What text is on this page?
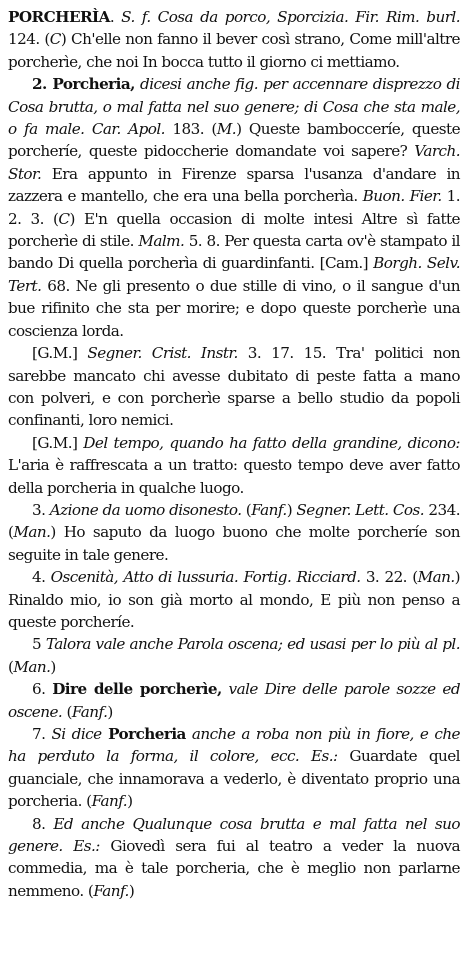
PORCHERÌA. S. f. Cosa da porco, Sporcizia. Fir. Rim. burl. 124. (C) Ch'elle non fanno il bever così strano, Come mill'altre porcherìe, che noi In bocca tutto il giorno ci mettiamo.

2. Porcheria, dicesi anche fig. per accennare disprezzo di Cosa brutta, o mal fatta nel suo genere; di Cosa che sta male, o fa male. Car. Apol. 183. (M.) Queste bambocceríe, queste porcheríe, queste pidoccherie domandate voi sapere? Varch. Stor. Era appunto in Firenze sparsa l'usanza d'andare in zazzera e mantello, che era una bella porcherìa. Buon. Fier. 1. 2. 3. (C) E'n quella occasion di molte intesi Altre sì fatte porcherìe di stile. Malm. 5. 8. Per questa carta ov'è stampato il bando Di quella porcherìa di guardinfanti. [Cam.] Borgh. Selv. Tert. 68. Ne gli presento o due stille di vino, o il sangue d'un bue rifinito che sta per morire; e dopo queste porcherìe una coscienza lorda.

[G.M.] Segner. Crist. Instr. 3. 17. 15. Tra' politici non sarebbe mancato chi avesse dubitato di peste fatta a mano con polveri, e con porcherìe sparse a bello studio da popoli confinanti, loro nemici.

[G.M.] Del tempo, quando ha fatto della grandine, dicono: L'aria è raffrescata a un tratto: questo tempo deve aver fatto della porcheria in qualche luogo.

3. Azione da uomo disonesto. (Fanf.) Segner. Lett. Cos. 234. (Man.) Ho saputo da luogo buono che molte porcheríe son seguite in tale genere.

4. Oscenità, Atto di lussuria. Fortig. Ricciard. 3. 22. (Man.) Rinaldo mio, io son già morto al mondo, E più non penso a queste porcheríe.

5 Talora vale anche Parola oscena; ed usasi per lo più al pl. (Man.)

6. Dire delle porcherìe, vale Dire delle parole sozze ed oscene. (Fanf.)

7. Si dice Porcheria anche a roba non più in fiore, e che ha perduto la forma, il colore, ecc. Es.: Guardate quel guanciale, che innamorava a vederlo, è diventato proprio una porcheria. (Fanf.)

8. Ed anche Qualunque cosa brutta e mal fatta nel suo genere. Es.: Giovedì sera fui al teatro a veder la nuova commedia, ma è tale porcheria, che è meglio non parlarne nemmeno. (Fanf.)
